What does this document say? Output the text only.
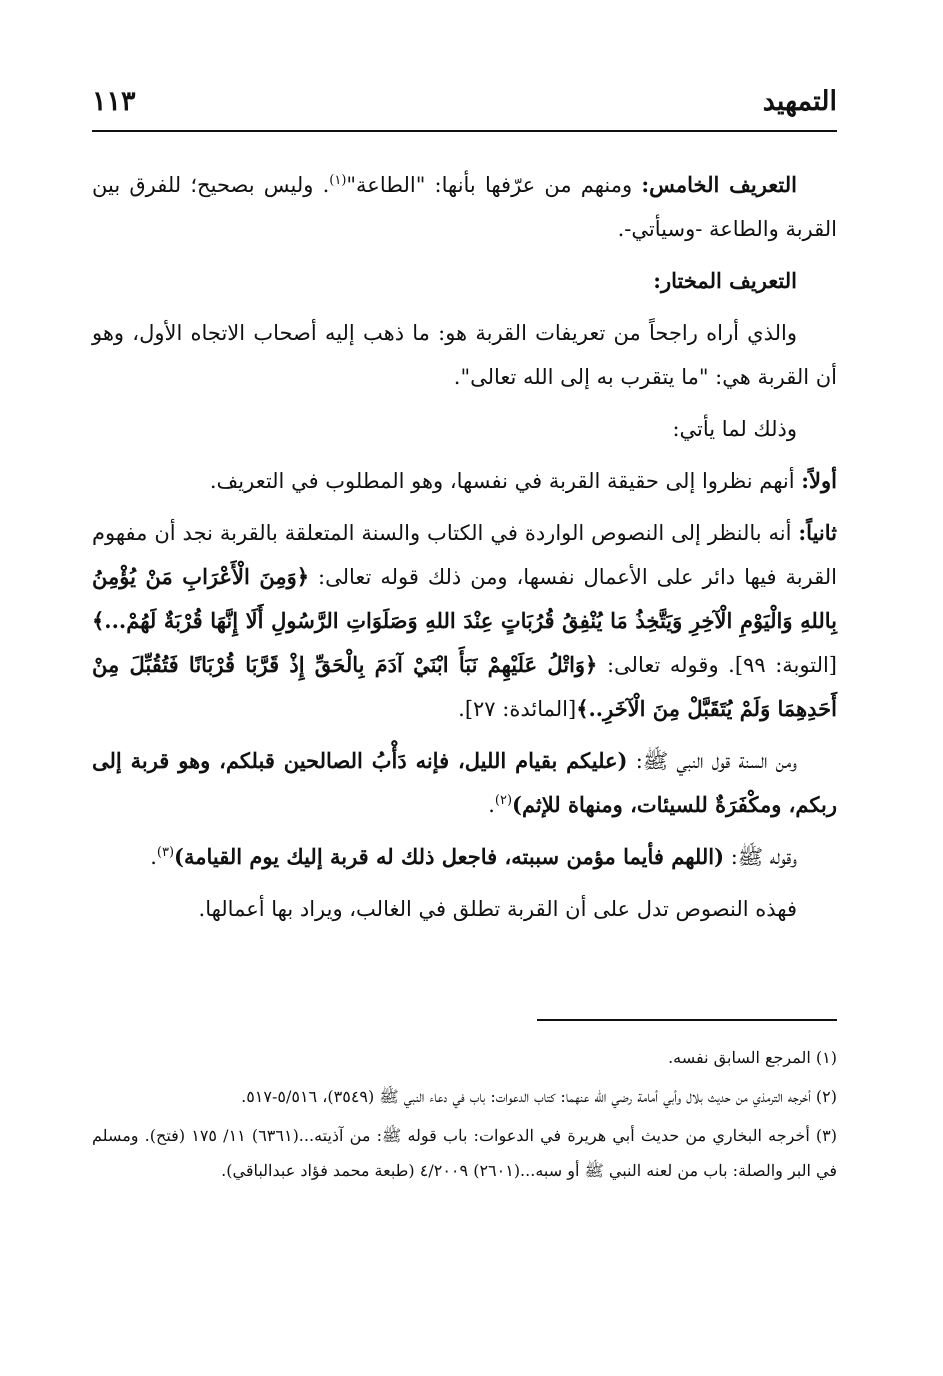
التمهيد
١١٣

التعريف الخامس: ومنهم من عرّفها بأنها: "الطاعة"$^{(١)}$. وليس بصحيح؛ للفرق بين القربة والطاعة -وسيأتي-.

التعريف المختار:

والذي أراه راجحاً من تعريفات القربة هو: ما ذهب إليه أصحاب الاتجاه الأول، وهو أن القربة هي: "ما يتقرب به إلى الله تعالى".

وذلك لما يأتي:

أولاً: أنهم نظروا إلى حقيقة القربة في نفسها، وهو المطلوب في التعريف.

ثانياً: أنه بالنظر إلى النصوص الواردة في الكتاب والسنة المتعلقة بالقربة نجد أن مفهوم القربة فيها دائر على الأعمال نفسها، ومن ذلك قوله تعالى: ﴿وَمِنَ الْأَعْرَابِ مَنْ يُؤْمِنُ بِاللهِ وَالْيَوْمِ الْآخِرِ وَيَتَّخِذُ مَا يُنْفِقُ قُرُبَاتٍ عِنْدَ اللهِ وَصَلَوَاتِ الرَّسُولِ أَلَا إِنَّهَا قُرْبَةٌ لَهُمْ...﴾[التوبة: ٩٩]. وقوله تعالى: ﴿وَاتْلُ عَلَيْهِمْ نَبَأَ ابْنَيْ آدَمَ بِالْحَقِّ إِذْ قَرَّبَا قُرْبَانًا فَتُقُبِّلَ مِنْ أَحَدِهِمَا وَلَمْ يُتَقَبَّلْ مِنَ الْآخَرِ..﴾[المائدة: ٢٧].

ومن السنة قول النبي ﷺ: (عليكم بقيام الليل، فإنه دَأْبُ الصالحين قبلكم، وهو قربة إلى ربكم، ومكْفَرَةٌ للسيئات، ومنهاة للإثم)$^{(٢)}$.

وقوله ﷺ: (اللهم فأيما مؤمن سببته، فاجعل ذلك له قربة إليك يوم القيامة)$^{(٣)}$.

فهذه النصوص تدل على أن القربة تطلق في الغالب، ويراد بها أعمالها.

(١) المرجع السابق نفسه.

(٢) أخرجه الترمذي من حديث بلال وأبي أمامة رضي الله عنهما: كتاب الدعوات: باب في دعاء النبي ﷺ (٣٥٤٩)، ٥/٥١٦-٥١٧.

(٣) أخرجه البخاري من حديث أبي هريرة في الدعوات: باب قوله ﷺ: من آذيته...(٦٣٦١) ١١/ ١٧٥ (فتح). ومسلم في البر والصلة: باب من لعنه النبي ﷺ أو سبه...(٢٦٠١) ٤/٢٠٠٩ (طبعة محمد فؤاد عبدالباقي).
